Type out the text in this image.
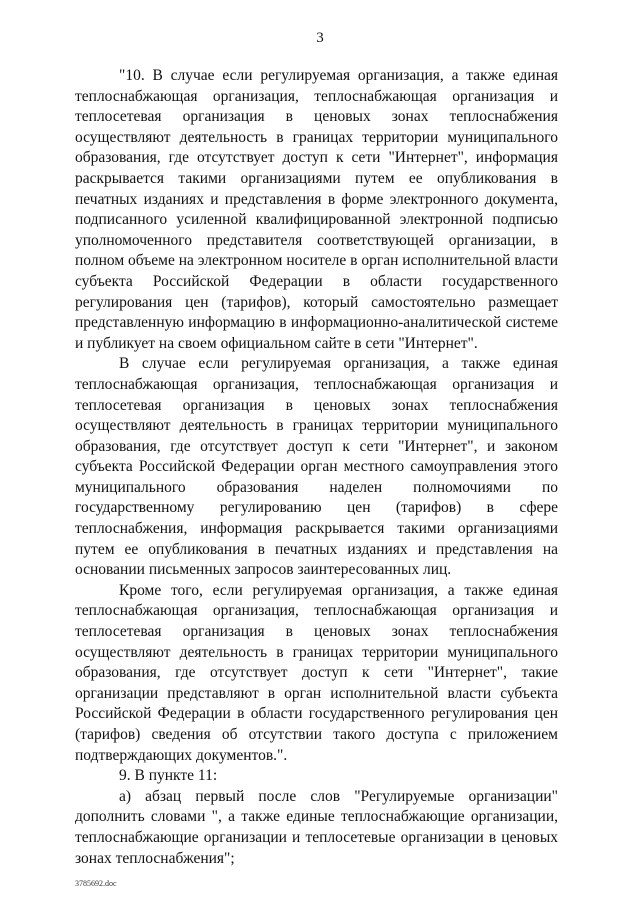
3

"10. В случае если регулируемая организация, а также единая теплоснабжающая организация, теплоснабжающая организация и теплосетевая организация в ценовых зонах теплоснабжения осуществляют деятельность в границах территории муниципального образования, где отсутствует доступ к сети "Интернет", информация раскрывается такими организациями путем ее опубликования в печатных изданиях и представления в форме электронного документа, подписанного усиленной квалифицированной электронной подписью уполномоченного представителя соответствующей организации, в полном объеме на электронном носителе в орган исполнительной власти субъекта Российской Федерации в области государственного регулирования цен (тарифов), который самостоятельно размещает представленную информацию в информационно-аналитической системе и публикует на своем официальном сайте в сети "Интернет".

В случае если регулируемая организация, а также единая теплоснабжающая организация, теплоснабжающая организация и теплосетевая организация в ценовых зонах теплоснабжения осуществляют деятельность в границах территории муниципального образования, где отсутствует доступ к сети "Интернет", и законом субъекта Российской Федерации орган местного самоуправления этого муниципального образования наделен полномочиями по государственному регулированию цен (тарифов) в сфере теплоснабжения, информация раскрывается такими организациями путем ее опубликования в печатных изданиях и представления на основании письменных запросов заинтересованных лиц.

Кроме того, если регулируемая организация, а также единая теплоснабжающая организация, теплоснабжающая организация и теплосетевая организация в ценовых зонах теплоснабжения осуществляют деятельность в границах территории муниципального образования, где отсутствует доступ к сети "Интернет", такие организации представляют в орган исполнительной власти субъекта Российской Федерации в области государственного регулирования цен (тарифов) сведения об отсутствии такого доступа с приложением подтверждающих документов.".

9. В пункте 11:

а) абзац первый после слов "Регулируемые организации" дополнить словами ", а также единые теплоснабжающие организации, теплоснабжающие организации и теплосетевые организации в ценовых зонах теплоснабжения";

3785692.doc
